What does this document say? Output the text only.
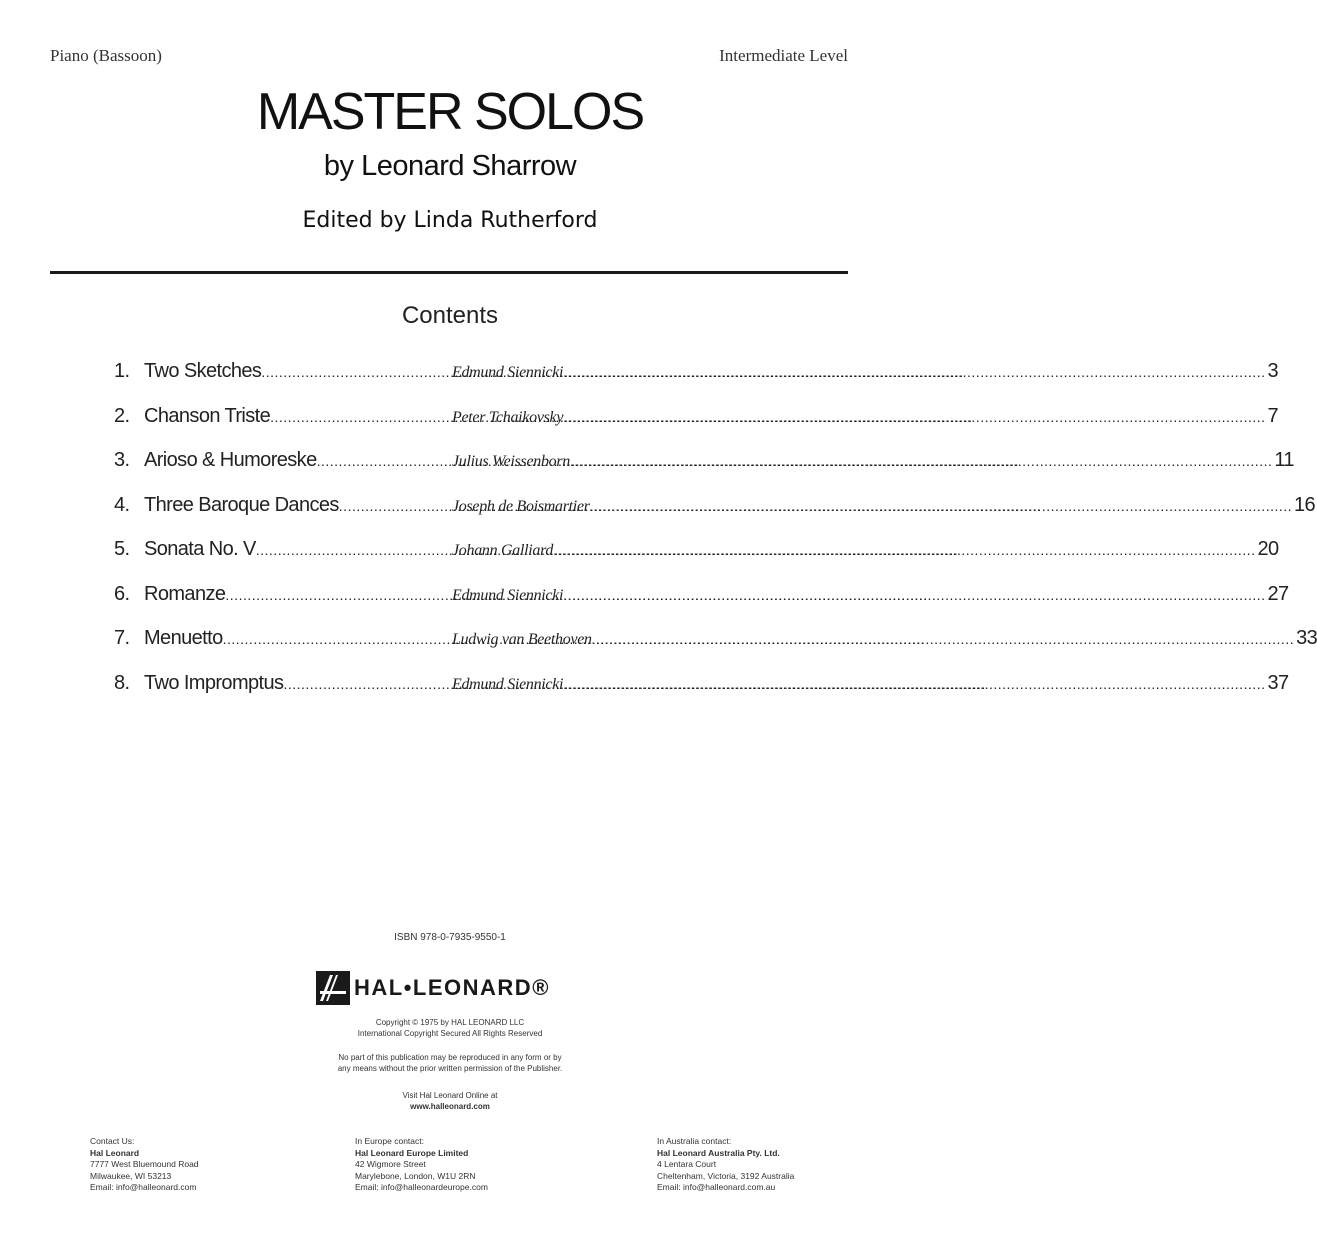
Piano (Bassoon)	Intermediate Level
MASTER SOLOS
by Leonard Sharrow
Edited by Linda Rutherford
Contents
1. Two Sketches .....	Edmund Siennicki .....	3
2. Chanson Triste .....	Peter Tchaikovsky .....	7
3. Arioso & Humoreske .....	Julius Weissenborn .....	11
4. Three Baroque Dances .....	Joseph de Boismartier .....	16
5. Sonata No. V .....	Johann Galliard .....	20
6. Romanze .....	Edmund Siennicki .....	27
7. Menuetto .....	Ludwig van Beethoven .....	33
8. Two Impromptus .....	Edmund Siennicki .....	37
ISBN 978-0-7935-9550-1
HAL•LEONARD®
Copyright © 1975 by HAL LEONARD LLC
International Copyright Secured All Rights Reserved
No part of this publication may be reproduced in any form or by
any means without the prior written permission of the Publisher.
Visit Hal Leonard Online at
www.halleonard.com
Contact Us:
Hal Leonard
7777 West Bluemound Road
Milwaukee, WI 53213
Email: info@halleonard.com
In Europe contact:
Hal Leonard Europe Limited
42 Wigmore Street
Marylebone, London, W1U 2RN
Email: info@halleonardeurope.com
In Australia contact:
Hal Leonard Australia Pty. Ltd.
4 Lentara Court
Cheltenham, Victoria, 3192 Australia
Email: info@halleonard.com.au
